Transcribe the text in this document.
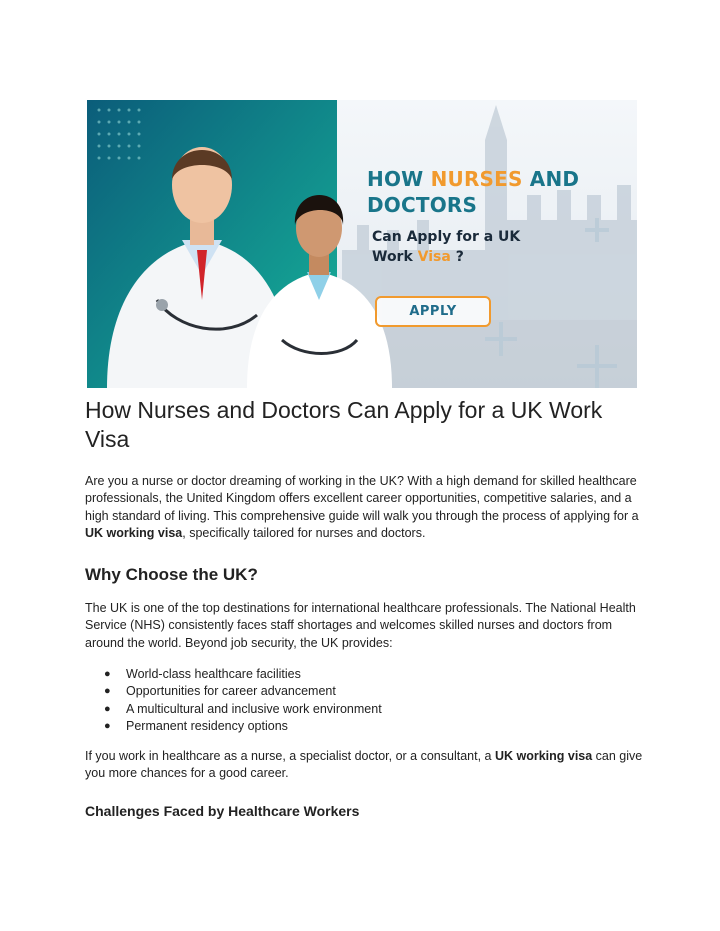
GND
HOW NURSES AND DOCTORS
Can Apply for a UK
Work Visa ?
APPLY
How Nurses and Doctors Can Apply for a UK Work Visa

Are you a nurse or doctor dreaming of working in the UK? With a high demand for skilled healthcare professionals, the United Kingdom offers excellent career opportunities, competitive salaries, and a high standard of living. This comprehensive guide will walk you through the process of applying for a UK working visa, specifically tailored for nurses and doctors.

Why Choose the UK?

The UK is one of the top destinations for international healthcare professionals. The National Health Service (NHS) consistently faces staff shortages and welcomes skilled nurses and doctors from around the world. Beyond job security, the UK provides:

● World-class healthcare facilities
● Opportunities for career advancement
● A multicultural and inclusive work environment
● Permanent residency options

If you work in healthcare as a nurse, a specialist doctor, or a consultant, a UK working visa can give you more chances for a good career.

Challenges Faced by Healthcare Workers
